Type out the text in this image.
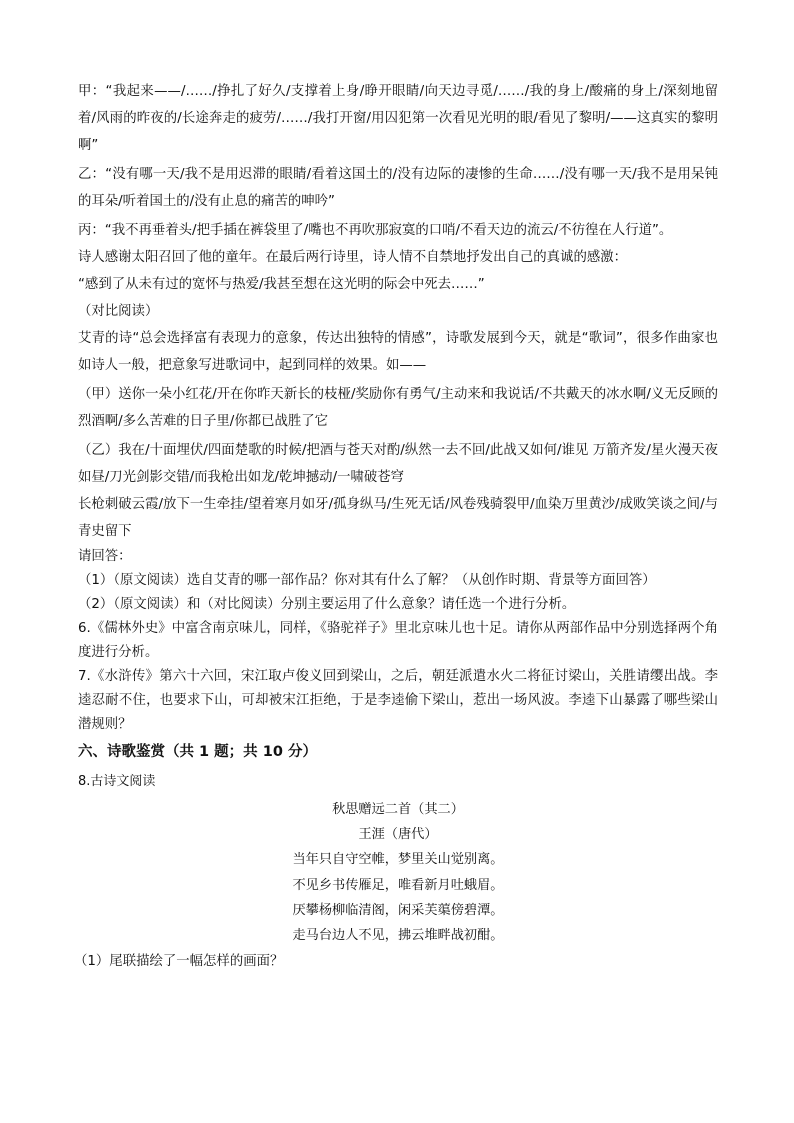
甲：“我起来——/……/挣扎了好久/支撑着上身/睁开眼睛/向天边寻觅/……/我的身上/酸痛的身上/深刻地留着/风雨的昨夜的/长途奔走的疲劳/……/我打开窗/用囚犯第一次看见光明的眼/看见了黎明/——这真实的黎明啊”

乙：“没有哪一天/我不是用迟滞的眼睛/看着这国土的/没有边际的凄惨的生命……/没有哪一天/我不是用呆钝的耳朵/听着国土的/没有止息的痛苦的呻吟”

丙：“我不再垂着头/把手插在裤袋里了/嘴也不再吹那寂寞的口哨/不看天边的流云/不彷徨在人行道”。

诗人感谢太阳召回了他的童年。在最后两行诗里，诗人情不自禁地抒发出自己的真诚的感激：

“感到了从未有过的宽怀与热爱/我甚至想在这光明的际会中死去……”

（对比阅读）

艾青的诗“总会选择富有表现力的意象，传达出独特的情感”，诗歌发展到今天，就是“歌词”，很多作曲家也如诗人一般，把意象写进歌词中，起到同样的效果。如——

（甲）送你一朵小红花/开在你昨天新长的枝桠/奖励你有勇气/主动来和我说话/不共戴天的冰水啊/义无反顾的烈酒啊/多么苦难的日子里/你都已战胜了它

（乙）我在/十面埋伏/四面楚歌的时候/把酒与苍天对酌/纵然一去不回/此战又如何/谁见 万箭齐发/星火漫天夜如昼/刀光剑影交错/而我枪出如龙/乾坤撼动/一啸破苍穹

长枪刺破云霞/放下一生牵挂/望着寒月如牙/孤身纵马/生死无话/风卷残骑裂甲/血染万里黄沙/成败笑谈之间/与青史留下

请回答：

（1）（原文阅读）选自艾青的哪一部作品？你对其有什么了解？（从创作时期、背景等方面回答）

（2）（原文阅读）和（对比阅读）分别主要运用了什么意象？请任选一个进行分析。

6.《儒林外史》中富含南京味儿，同样，《骆驼祥子》里北京味儿也十足。请你从两部作品中分别选择两个角度进行分析。

7.《水浒传》第六十六回，宋江取卢俊义回到梁山，之后，朝廷派遣水火二将征讨梁山，关胜请缨出战。李逵忍耐不住，也要求下山，可却被宋江拒绝，于是李逵偷下梁山，惹出一场风波。李逵下山暴露了哪些梁山潜规则？

六、诗歌鉴赏（共 1 题；共 10 分）

8.古诗文阅读

秋思赠远二首（其二）

王涯（唐代）

当年只自守空帷，梦里关山觉别离。

不见乡书传雁足，唯看新月吐蛾眉。

厌攀杨柳临清阁，闲采芙蕖傍碧潭。

走马台边人不见，拂云堆畔战初酣。

（1）尾联描绘了一幅怎样的画面？
